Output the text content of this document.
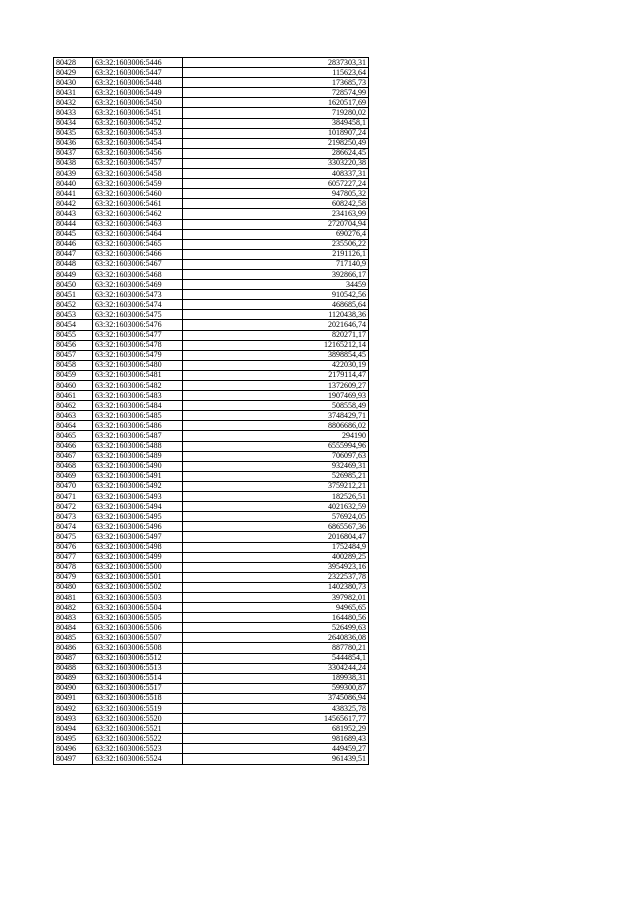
80428	63:32:1603006:5446	2837303,31
80429	63:32:1603006:5447	115623,64
80430	63:32:1603006:5448	173685,73
80431	63:32:1603006:5449	728574,99
80432	63:32:1603006:5450	1620517,69
80433	63:32:1603006:5451	719280,02
80434	63:32:1603006:5452	3849458,1
80435	63:32:1603006:5453	1018907,24
80436	63:32:1603006:5454	2198250,49
80437	63:32:1603006:5456	286624,45
80438	63:32:1603006:5457	3303220,38
80439	63:32:1603006:5458	408337,31
80440	63:32:1603006:5459	6057227,24
80441	63:32:1603006:5460	947805,32
80442	63:32:1603006:5461	608242,58
80443	63:32:1603006:5462	234163,99
80444	63:32:1603006:5463	2720704,94
80445	63:32:1603006:5464	690276,4
80446	63:32:1603006:5465	235506,22
80447	63:32:1603006:5466	2191126,1
80448	63:32:1603006:5467	717140,9
80449	63:32:1603006:5468	392866,17
80450	63:32:1603006:5469	34459
80451	63:32:1603006:5473	910542,56
80452	63:32:1603006:5474	468685,64
80453	63:32:1603006:5475	1120438,36
80454	63:32:1603006:5476	2021646,74
80455	63:32:1603006:5477	820271,17
80456	63:32:1603006:5478	12165212,14
80457	63:32:1603006:5479	3898854,45
80458	63:32:1603006:5480	422030,19
80459	63:32:1603006:5481	2179114,47
80460	63:32:1603006:5482	1372609,27
80461	63:32:1603006:5483	1907469,93
80462	63:32:1603006:5484	508558,49
80463	63:32:1603006:5485	3748429,71
80464	63:32:1603006:5486	8806686,02
80465	63:32:1603006:5487	294190
80466	63:32:1603006:5488	6555994,96
80467	63:32:1603006:5489	706097,63
80468	63:32:1603006:5490	932469,31
80469	63:32:1603006:5491	526985,21
80470	63:32:1603006:5492	3759212,21
80471	63:32:1603006:5493	182526,51
80472	63:32:1603006:5494	4021632,59
80473	63:32:1603006:5495	576924,05
80474	63:32:1603006:5496	6865567,36
80475	63:32:1603006:5497	2016804,47
80476	63:32:1603006:5498	1752484,9
80477	63:32:1603006:5499	400289,25
80478	63:32:1603006:5500	3954923,16
80479	63:32:1603006:5501	2322537,78
80480	63:32:1603006:5502	1402380,73
80481	63:32:1603006:5503	397982,01
80482	63:32:1603006:5504	94965,65
80483	63:32:1603006:5505	164480,56
80484	63:32:1603006:5506	526499,63
80485	63:32:1603006:5507	2640836,08
80486	63:32:1603006:5508	887780,21
80487	63:32:1603006:5512	5444854,1
80488	63:32:1603006:5513	3304244,24
80489	63:32:1603006:5514	189938,31
80490	63:32:1603006:5517	599300,87
80491	63:32:1603006:5518	3745086,94
80492	63:32:1603006:5519	438325,78
80493	63:32:1603006:5520	14565617,77
80494	63:32:1603006:5521	681952,29
80495	63:32:1603006:5522	981689,43
80496	63:32:1603006:5523	449459,27
80497	63:32:1603006:5524	961439,51
